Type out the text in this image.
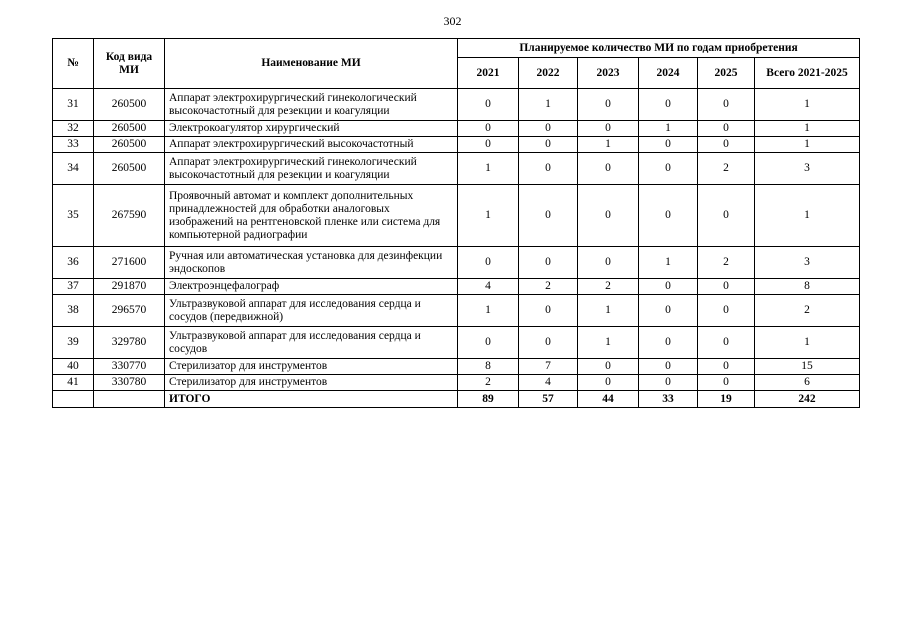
302
№	Код вида МИ	Наименование МИ	Планируемое количество МИ по годам приобретения					
			2021	2022	2023	2024	2025	Всего 2021-2025
31	260500	Аппарат электрохирургический гинекологический высокочастотный для резекции и коагуляции	0	1	0	0	0	1
32	260500	Электрокоагулятор хирургический	0	0	0	1	0	1
33	260500	Аппарат электрохирургический высокочастотный	0	0	1	0	0	1
34	260500	Аппарат электрохирургический гинекологический высокочастотный для резекции и коагуляции	1	0	0	0	2	3
35	267590	Проявочный автомат и комплект дополнительных принадлежностей для обработки аналоговых изображений на рентгеновской пленке или система для компьютерной радиографии	1	0	0	0	0	1
36	271600	Ручная или автоматическая установка для дезинфекции эндоскопов	0	0	0	1	2	3
37	291870	Электроэнцефалограф	4	2	2	0	0	8
38	296570	Ультразвуковой аппарат для исследования сердца и сосудов (передвижной)	1	0	1	0	0	2
39	329780	Ультразвуковой аппарат для исследования сердца и сосудов	0	0	1	0	0	1
40	330770	Стерилизатор для инструментов	8	7	0	0	0	15
41	330780	Стерилизатор для инструментов	2	4	0	0	0	6
		ИТОГО	89	57	44	33	19	242
